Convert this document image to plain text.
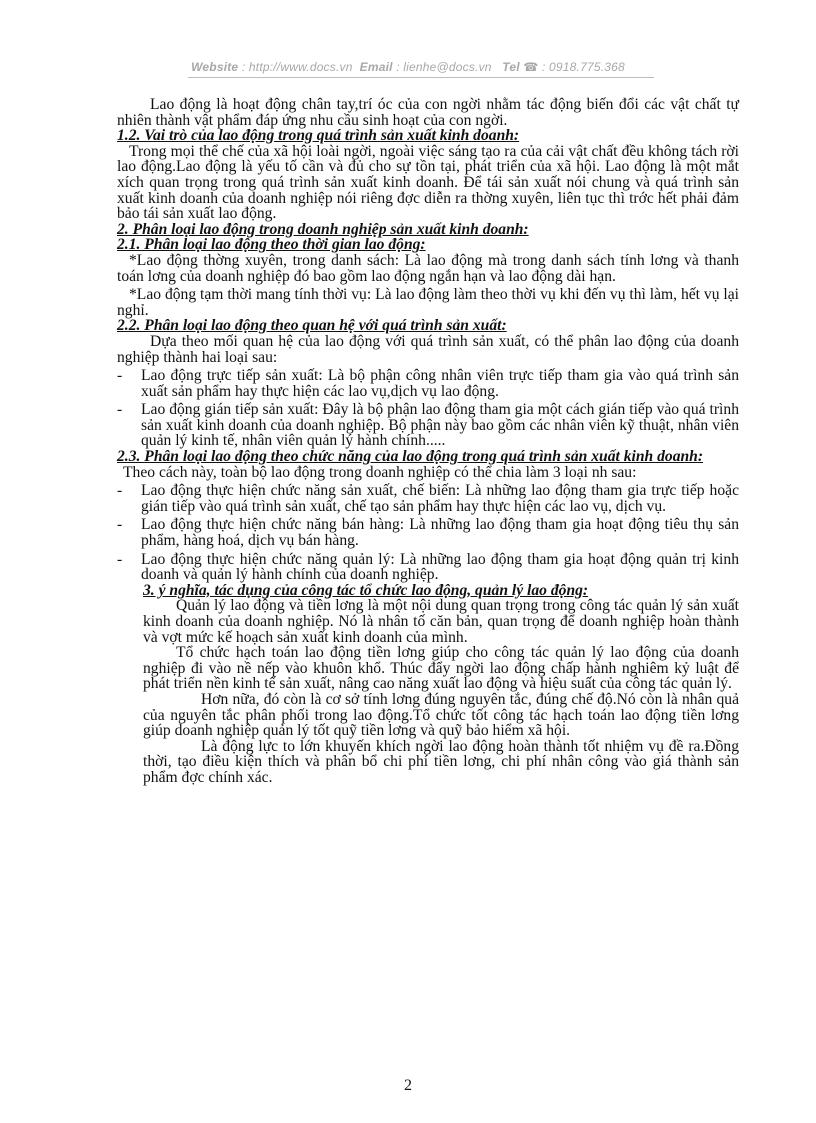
Website : http://www.docs.vn Email : lienhe@docs.vn Tel ☎ : 0918.775.368

Lao động là hoạt động chân tay,trí óc của con ngời nhằm tác động biến đổi các vật chất tự nhiên thành vật phẩm đáp ứng nhu cầu sinh hoạt của con ngời.

1.2. Vai trò của lao động trong quá trình sản xuất kinh doanh:

Trong mọi thể chế của xã hội loài ngời, ngoài việc sáng tạo ra của cải vật chất đều không tách rời lao động.Lao động là yếu tố cần và đủ cho sự tồn tại, phát triển của xã hội. Lao động là một mắt xích quan trọng trong quá trình sản xuất kinh doanh. Để tái sản xuất nói chung và quá trình sản xuất kinh doanh của doanh nghiệp nói riêng đợc diễn ra thờng xuyên, liên tục thì trớc hết phải đảm bảo tái sản xuất lao động.

2. Phân loại lao động trong doanh nghiệp sản xuất kinh doanh:

2.1. Phân loại lao động theo thời gian lao động:

*Lao động thờng xuyên, trong danh sách: Là lao động mà trong danh sách tính lơng và thanh toán lơng của doanh nghiệp đó bao gồm lao động ngắn hạn và lao động dài hạn.

*Lao động tạm thời mang tính thời vụ: Là lao động làm theo thời vụ khi đến vụ thì làm, hết vụ lại nghỉ.

2.2. Phân loại lao động theo quan hệ với quá trình sản xuất:

Dựa theo mối quan hệ của lao động với quá trình sản xuất, có thể phân lao động của doanh nghiệp thành hai loại sau:

- Lao động trực tiếp sản xuất: Là bộ phận công nhân viên trực tiếp tham gia vào quá trình sản xuất sản phẩm hay thực hiện các lao vụ,dịch vụ lao động.

- Lao động gián tiếp sản xuất: Đây là bộ phận lao động tham gia một cách gián tiếp vào quá trình sản xuất kinh doanh của doanh nghiệp. Bộ phận này bao gồm các nhân viên kỹ thuật, nhân viên quản lý kinh tế, nhân viên quản lý hành chính.....

2.3. Phân loại lao động theo chức năng của lao động trong quá trình sản xuất kinh doanh:

Theo cách này, toàn bộ lao động trong doanh nghiệp có thể chia làm 3 loại nh sau:

- Lao động thực hiện chức năng sản xuất, chế biến: Là những lao động tham gia trực tiếp hoặc gián tiếp vào quá trình sản xuất, chế tạo sản phẩm hay thực hiện các lao vụ, dịch vụ.

- Lao động thực hiện chức năng bán hàng: Là những lao động tham gia hoạt động tiêu thụ sản phẩm, hàng hoá, dịch vụ bán hàng.

- Lao động thực hiện chức năng quản lý: Là những lao động tham gia hoạt động quản trị kinh doanh và quản lý hành chính của doanh nghiệp.

3. ý nghĩa, tác dụng của công tác tổ chức lao động, quản lý lao động:

Quản lý lao động và tiền lơng là một nội dung quan trọng trong công tác quản lý sản xuất kinh doanh của doanh nghiệp. Nó là nhân tố căn bản, quan trọng để doanh nghiệp hoàn thành và vợt mức kế hoạch sản xuất kinh doanh của mình.

Tổ chức hạch toán lao động tiền lơng giúp cho công tác quản lý lao động của doanh nghiệp đi vào nề nếp vào khuôn khổ. Thúc đẩy ngời lao động chấp hành nghiêm kỷ luật để phát triển nền kinh tế sản xuất, nâng cao năng xuất lao động và hiệu suất của công tác quản lý.

Hơn nữa, đó còn là cơ sở tính lơng đúng nguyên tắc, đúng chế độ.Nó còn là nhân quả của nguyên tắc phân phối trong lao động.Tổ chức tốt công tác hạch toán lao động tiền lơng giúp doanh nghiệp quản lý tốt quỹ tiền lơng và quỹ bảo hiểm xã hội.

Là động lực to lớn khuyến khích ngời lao động hoàn thành tốt nhiệm vụ đề ra.Đồng thời, tạo điều kiện thích và phân bổ chi phí tiền lơng, chi phí nhân công vào giá thành sản phẩm đợc chính xác.

2
